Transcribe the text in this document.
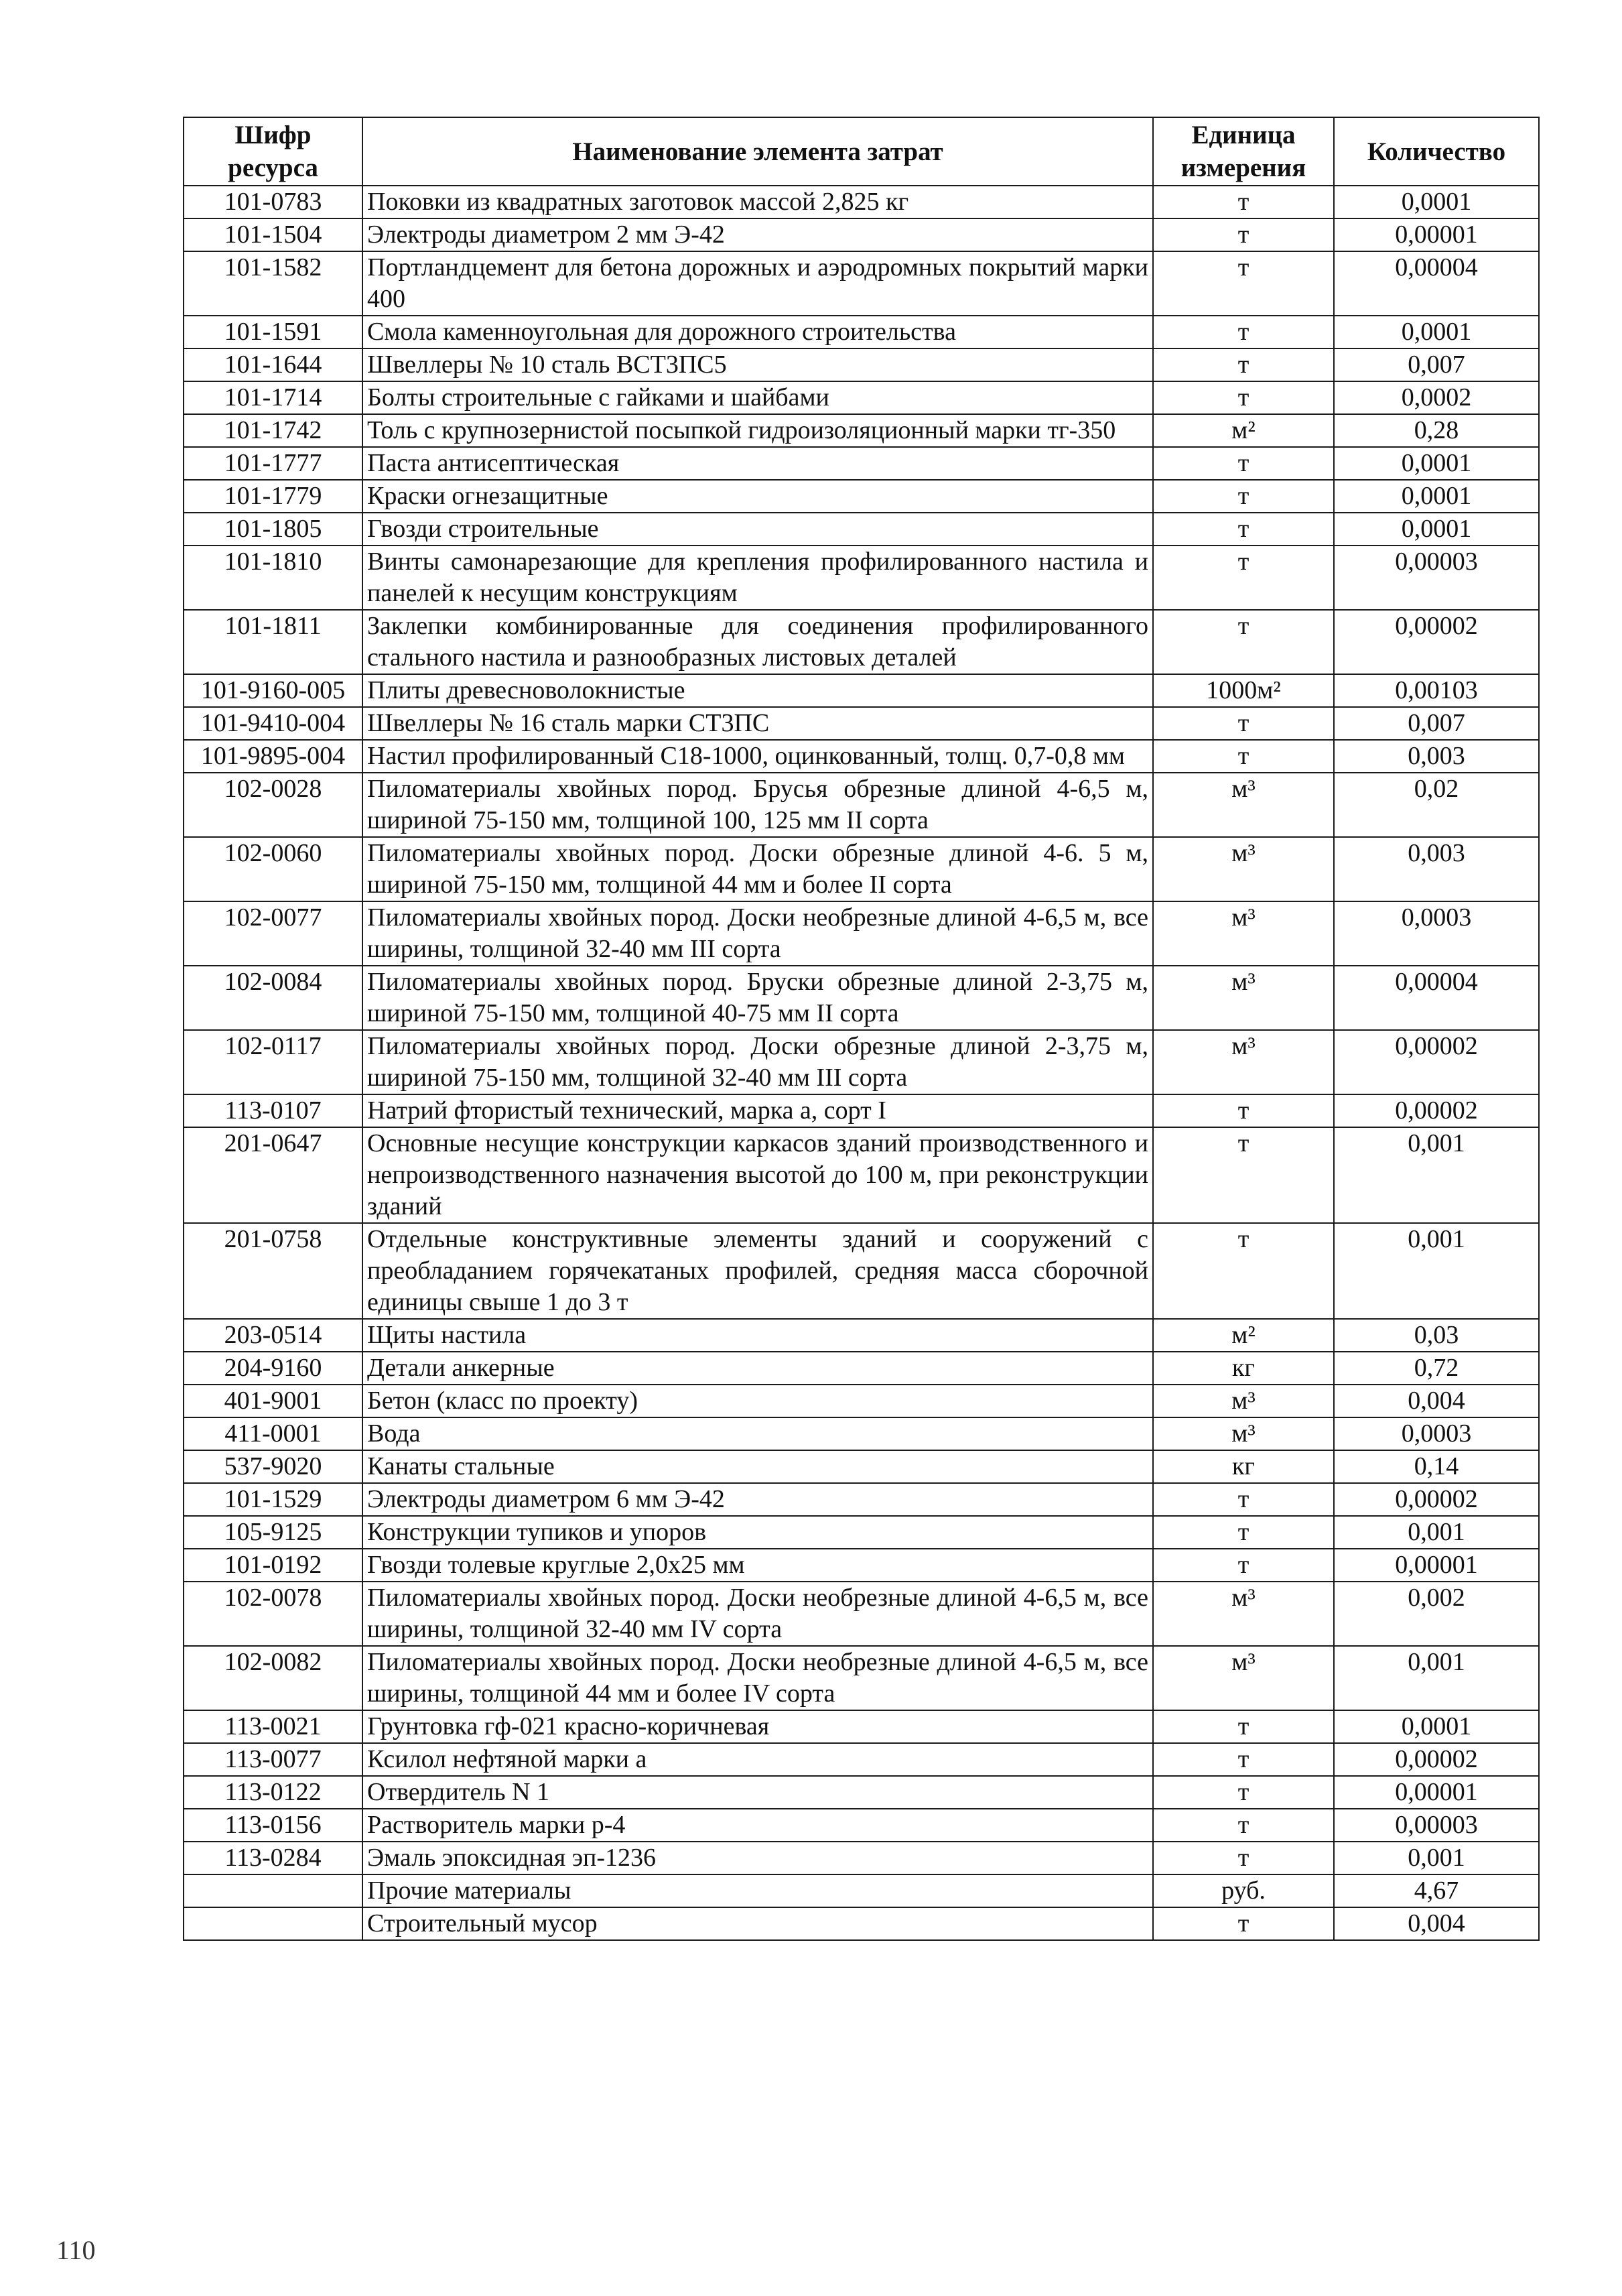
Шифр ресурса	Наименование элемента затрат	Единица измерения	Количество
101-0783	Поковки из квадратных заготовок массой 2,825 кг	т	0,0001
101-1504	Электроды диаметром 2 мм Э-42	т	0,00001
101-1582	Портландцемент для бетона дорожных и аэродромных покрытий марки 400	т	0,00004
101-1591	Смола каменноугольная для дорожного строительства	т	0,0001
101-1644	Швеллеры № 10 сталь ВСТ3ПС5	т	0,007
101-1714	Болты строительные с гайками и шайбами	т	0,0002
101-1742	Толь с крупнозернистой посыпкой гидроизоляционный марки тг-350	м²	0,28
101-1777	Паста антисептическая	т	0,0001
101-1779	Краски огнезащитные	т	0,0001
101-1805	Гвозди строительные	т	0,0001
101-1810	Винты самонарезающие для крепления профилированного настила и панелей к несущим конструкциям	т	0,00003
101-1811	Заклепки комбинированные для соединения профилированного стального настила и разнообразных листовых деталей	т	0,00002
101-9160-005	Плиты древесноволокнистые	1000м²	0,00103
101-9410-004	Швеллеры № 16 сталь марки СТ3ПС	т	0,007
101-9895-004	Настил профилированный С18-1000, оцинкованный, толщ. 0,7-0,8 мм	т	0,003
102-0028	Пиломатериалы хвойных пород. Брусья обрезные длиной 4-6,5 м, шириной 75-150 мм, толщиной 100, 125 мм II сорта	м³	0,02
102-0060	Пиломатериалы хвойных пород. Доски обрезные длиной 4-6. 5 м, шириной 75-150 мм, толщиной 44 мм и более II сорта	м³	0,003
102-0077	Пиломатериалы хвойных пород. Доски необрезные длиной 4-6,5 м, все ширины, толщиной 32-40 мм III сорта	м³	0,0003
102-0084	Пиломатериалы хвойных пород. Бруски обрезные длиной 2-3,75 м, шириной 75-150 мм, толщиной 40-75 мм II сорта	м³	0,00004
102-0117	Пиломатериалы хвойных пород. Доски обрезные длиной 2-3,75 м, шириной 75-150 мм, толщиной 32-40 мм III сорта	м³	0,00002
113-0107	Натрий фтористый технический, марка а, сорт I	т	0,00002
201-0647	Основные несущие конструкции каркасов зданий производственного и непроизводственного назначения высотой до 100 м, при реконструкции зданий	т	0,001
201-0758	Отдельные конструктивные элементы зданий и сооружений с преобладанием горячекатаных профилей, средняя масса сборочной единицы свыше 1 до 3 т	т	0,001
203-0514	Щиты настила	м²	0,03
204-9160	Детали анкерные	кг	0,72
401-9001	Бетон (класс по проекту)	м³	0,004
411-0001	Вода	м³	0,0003
537-9020	Канаты стальные	кг	0,14
101-1529	Электроды диаметром 6 мм Э-42	т	0,00002
105-9125	Конструкции тупиков и упоров	т	0,001
101-0192	Гвозди толевые круглые 2,0х25 мм	т	0,00001
102-0078	Пиломатериалы хвойных пород. Доски необрезные длиной 4-6,5 м, все ширины, толщиной 32-40 мм IV сорта	м³	0,002
102-0082	Пиломатериалы хвойных пород. Доски необрезные длиной 4-6,5 м, все ширины, толщиной 44 мм и более IV сорта	м³	0,001
113-0021	Грунтовка гф-021 красно-коричневая	т	0,0001
113-0077	Ксилол нефтяной марки а	т	0,00002
113-0122	Отвердитель N 1	т	0,00001
113-0156	Растворитель марки р-4	т	0,00003
113-0284	Эмаль эпоксидная эп-1236	т	0,001
	Прочие материалы	руб.	4,67
	Строительный мусор	т	0,004
110
